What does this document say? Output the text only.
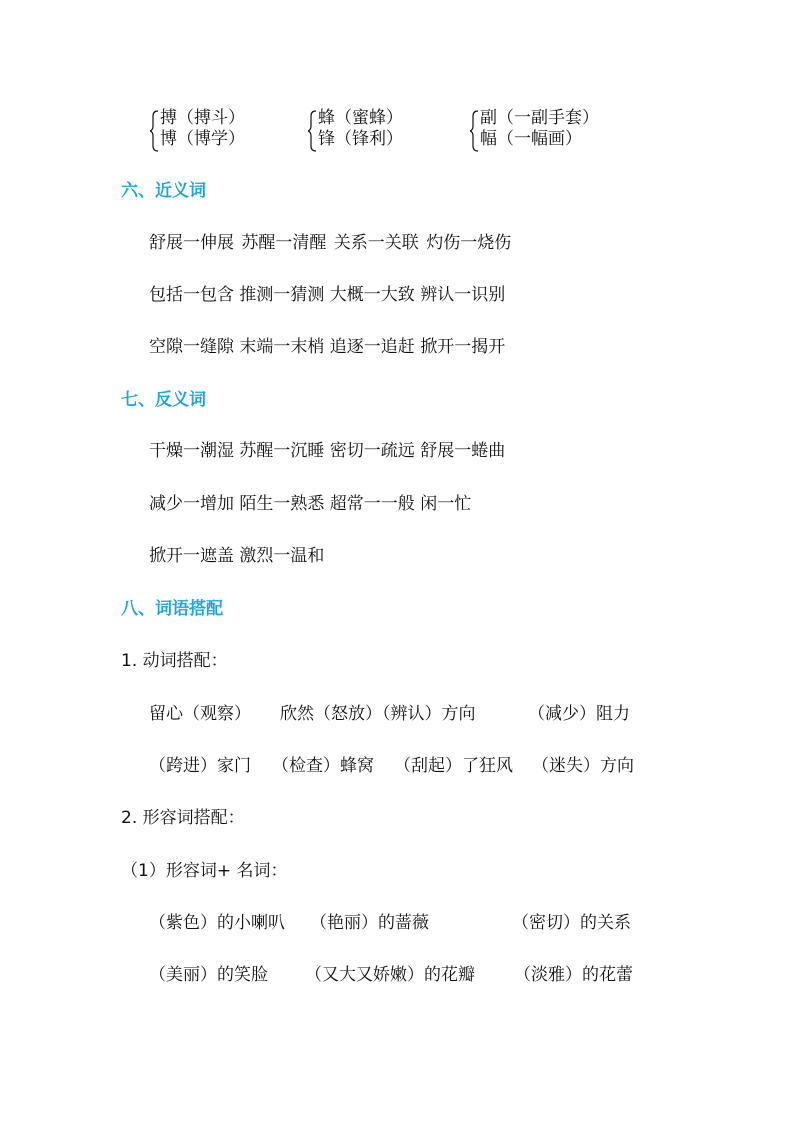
搏（搏斗）
博（博学）
蜂（蜜蜂）
锋（锋利）
副（一副手套）
幅（一幅画）
六、近义词
舒展一伸展 苏醒一清醒 关系一关联 灼伤一烧伤
包括一包含 推测一猜测 大概一大致 辨认一识别
空隙一缝隙 末端一末梢 追逐一追赶 掀开一揭开
七、反义词
干燥一潮湿 苏醒一沉睡 密切一疏远 舒展一蜷曲
减少一增加 陌生一熟悉 超常一一般 闲一忙
掀开一遮盖 激烈一温和
八、词语搭配
1. 动词搭配：
留心（观察） 欣然（怒放）（辨认）方向	（减少）阻力
（跨进）家门 （检查）蜂窝 （刮起）了狂风 （迷失）方向
2. 形容词搭配：
（1）形容词+ 名词：
（紫色）的小喇叭 （艳丽）的蔷薇	（密切）的关系
（美丽）的笑脸 （又大又娇嫩）的花瓣 （淡雅）的花蕾
